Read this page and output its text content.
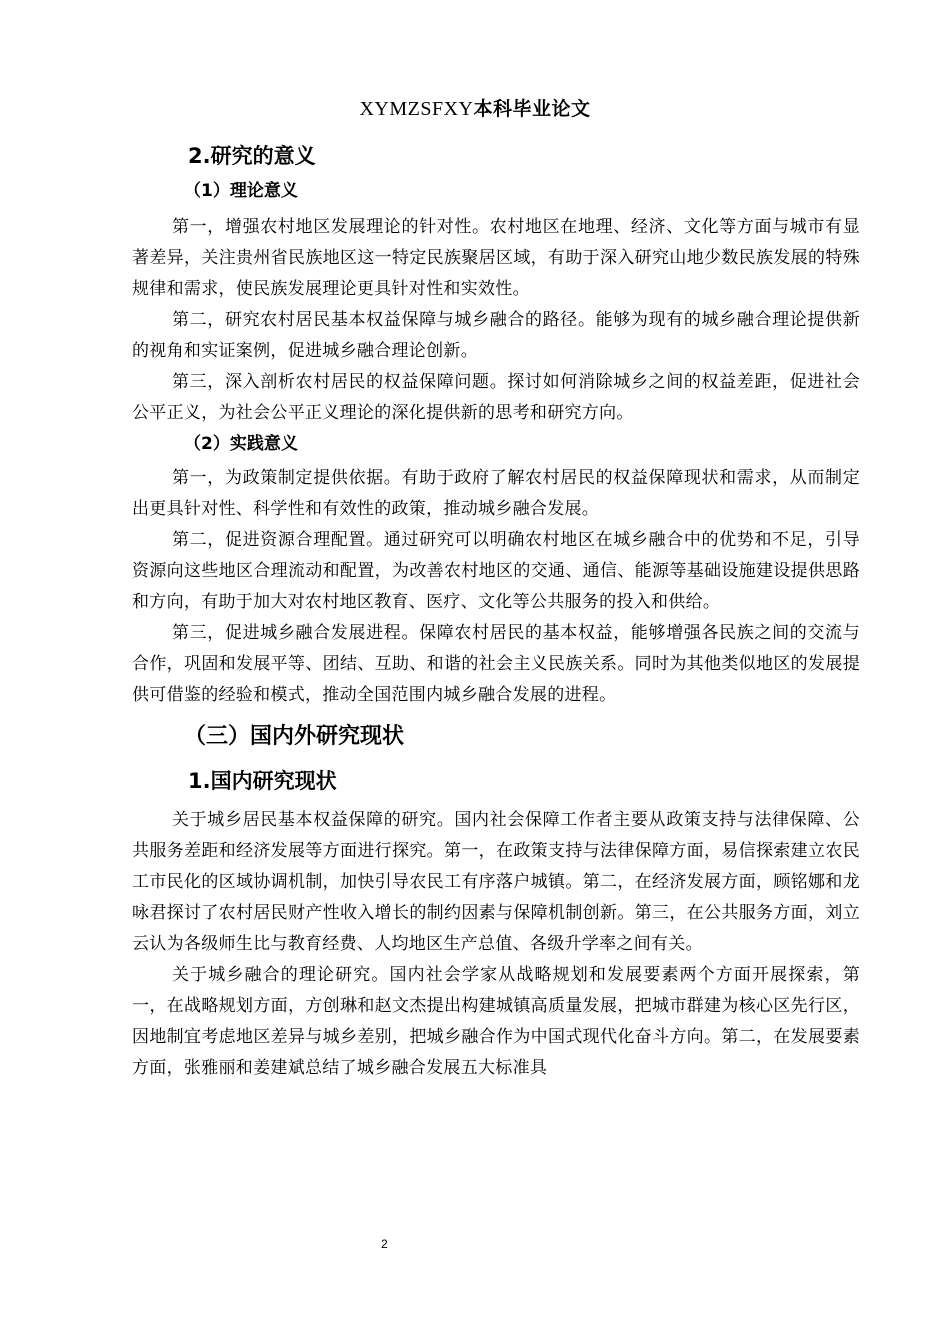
XYMZSFXY本科毕业论文
2.研究的意义
（1）理论意义

第一，增强农村地区发展理论的针对性。农村地区在地理、经济、文化等方面与城市有显著差异，关注贵州省民族地区这一特定民族聚居区域，有助于深入研究山地少数民族发展的特殊规律和需求，使民族发展理论更具针对性和实效性。

第二，研究农村居民基本权益保障与城乡融合的路径。能够为现有的城乡融合理论提供新的视角和实证案例，促进城乡融合理论创新。

第三，深入剖析农村居民的权益保障问题。探讨如何消除城乡之间的权益差距，促进社会公平正义，为社会公平正义理论的深化提供新的思考和研究方向。

（2）实践意义

第一，为政策制定提供依据。有助于政府了解农村居民的权益保障现状和需求，从而制定出更具针对性、科学性和有效性的政策，推动城乡融合发展。

第二，促进资源合理配置。通过研究可以明确农村地区在城乡融合中的优势和不足，引导资源向这些地区合理流动和配置，为改善农村地区的交通、通信、能源等基础设施建设提供思路和方向，有助于加大对农村地区教育、医疗、文化等公共服务的投入和供给。

第三，促进城乡融合发展进程。保障农村居民的基本权益，能够增强各民族之间的交流与合作，巩固和发展平等、团结、互助、和谐的社会主义民族关系。同时为其他类似地区的发展提供可借鉴的经验和模式，推动全国范围内城乡融合发展的进程。

（三）国内外研究现状
1.国内研究现状

关于城乡居民基本权益保障的研究。国内社会保障工作者主要从政策支持与法律保障、公共服务差距和经济发展等方面进行探究。第一，在政策支持与法律保障方面，易信探索建立农民工市民化的区域协调机制，加快引导农民工有序落户城镇。第二，在经济发展方面，顾铭娜和龙咏君探讨了农村居民财产性收入增长的制约因素与保障机制创新。第三，在公共服务方面，刘立云认为各级师生比与教育经费、人均地区生产总值、各级升学率之间有关。

关于城乡融合的理论研究。国内社会学家从战略规划和发展要素两个方面开展探索，第一，在战略规划方面，方创琳和赵文杰提出构建城镇高质量发展，把城市群建为核心区先行区，因地制宜考虑地区差异与城乡差别，把城乡融合作为中国式现代化奋斗方向。第二，在发展要素方面，张雅丽和姜建斌总结了城乡融合发展五大标准具

2
